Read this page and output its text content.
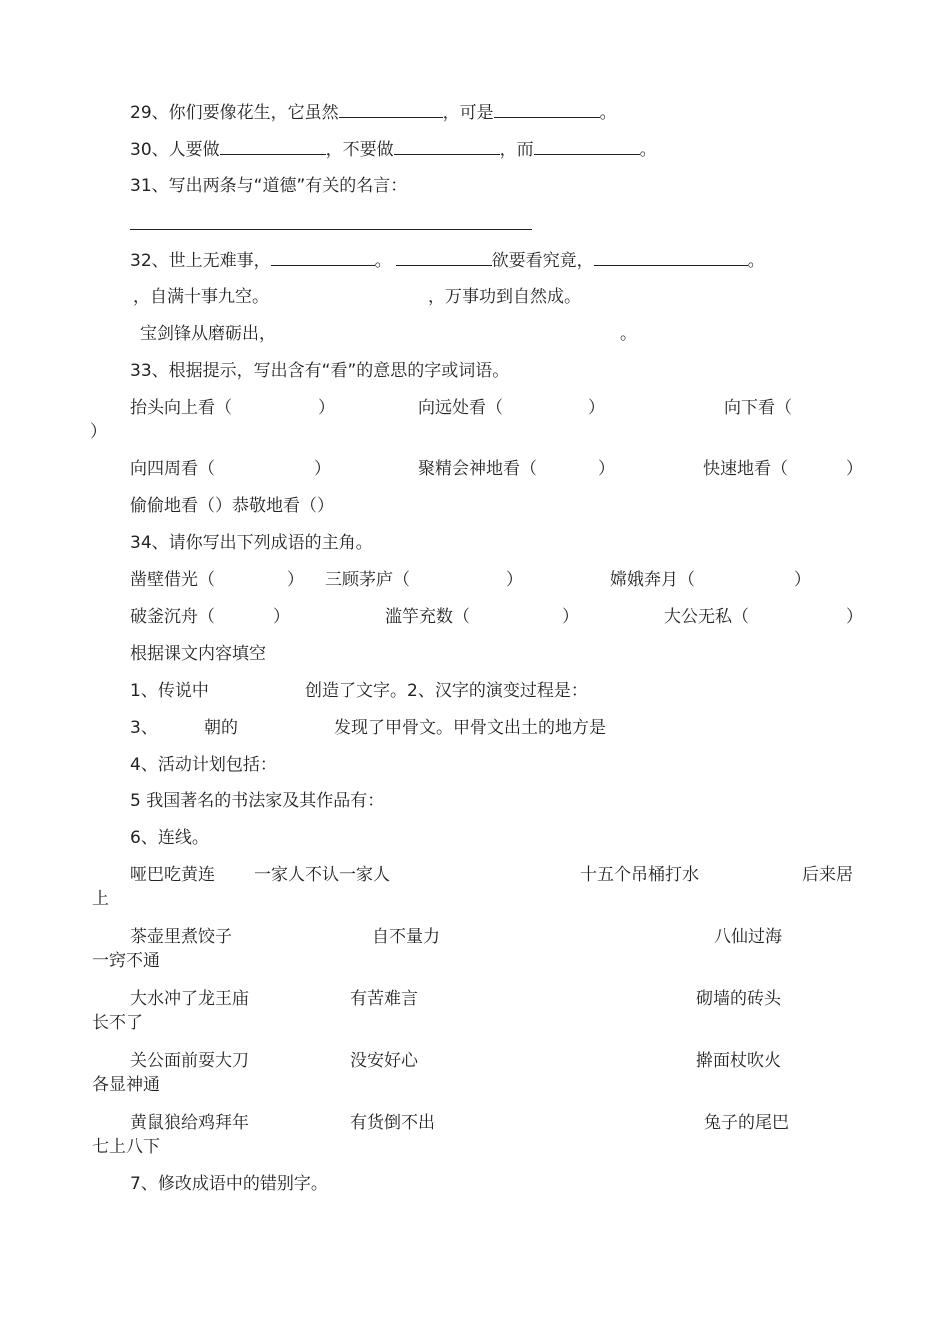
29、你们要像花生，它虽然	，可是	。
30、人要做	，不要做	，而	。
31、写出两条与“道德”有关的名言：
32、世上无难事，	。	欲要看究竟，	。
，自满十事九空。	，万事功到自然成。
宝剑锋从磨砺出，	。
33、根据提示，写出含有“看”的意思的字或词语。
抬头向上看（	）	向远处看（	）	向下看（
）
向四周看（	）	聚精会神地看（	）	快速地看（	）
偷偷地看（）恭敬地看（）
34、请你写出下列成语的主角。
凿壁借光（	） 三顾茅庐（	）	嫦娥奔月（	）
破釜沉舟（	）	滥竽充数（	）	大公无私（	）
根据课文内容填空
1、传说中	创造了文字。2、汉字的演变过程是：
3、	朝的	发现了甲骨文。甲骨文出土的地方是
4、活动计划包括：
5 我国著名的书法家及其作品有：
6、连线。
哑巴吃黄连 一家人不认一家人	十五个吊桶打水	后来居
上
茶壶里煮饺子	自不量力	八仙过海
一窍不通
大水冲了龙王庙	有苦难言	砌墙的砖头
长不了
关公面前耍大刀	没安好心	擀面杖吹火
各显神通
黄鼠狼给鸡拜年	有货倒不出	兔子的尾巴
七上八下
7、修改成语中的错别字。
